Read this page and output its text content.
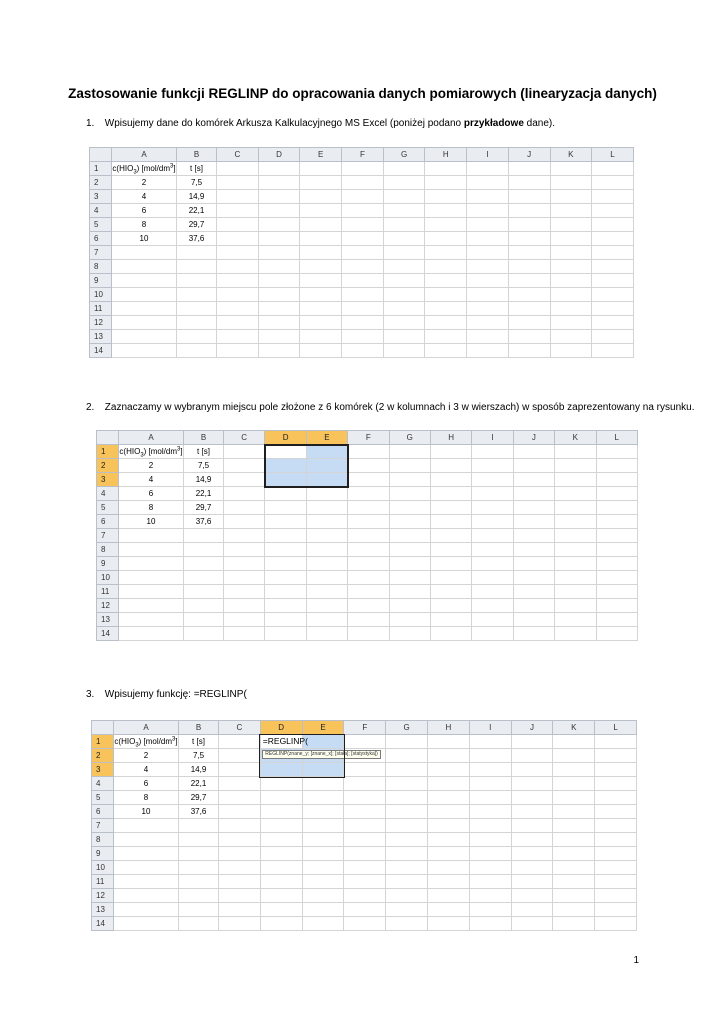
Zastosowanie funkcji REGLINP do opracowania danych pomiarowych (linearyzacja danych)
1. Wpisujemy dane do komórek Arkusza Kalkulacyjnego MS Excel (poniżej podano przykładowe dane).
2. Zaznaczamy w wybranym miejscu pole złożone z 6 komórek (2 w kolumnach i 3 w wierszach) w sposób zaprezentowany na rysunku.
3. Wpisujemy funkcję: =REGLINP(
	A	B	C	D	E	F	G	H	I	J	K	L
1	$c(HIO_3)$ $[mol/dm^3]$	t [s]										
2	2	7,5										
3	4	14,9										
4	6	22,1										
5	8	29,7										
6	10	37,6										
7												
8												
9												
10												
11												
12												
13												
14												
	A	B	C	D	E	F	G	H	I	J	K	L
1	$c(HIO_3)$ $[mol/dm^3]$	t [s]										
2	2	7,5										
3	4	14,9										
4	6	22,1										
5	8	29,7										
6	10	37,6										
7												
8												
9												
10												
11												
12												
13												
14												
	A	B	C	D	E	F	G	H	I	J	K	L
1	$c(HIO_3)$ $[mol/dm^3]$	t [s]		=REGLINP(								
2	2	7,5										
3	4	14,9										
4	6	22,1										
5	8	29,7										
6	10	37,6										
7												
8												
9												
10												
11												
12												
13												
14												
REGLINP(znane_y; [znane_x]; [stała]; [statystyka])
1
